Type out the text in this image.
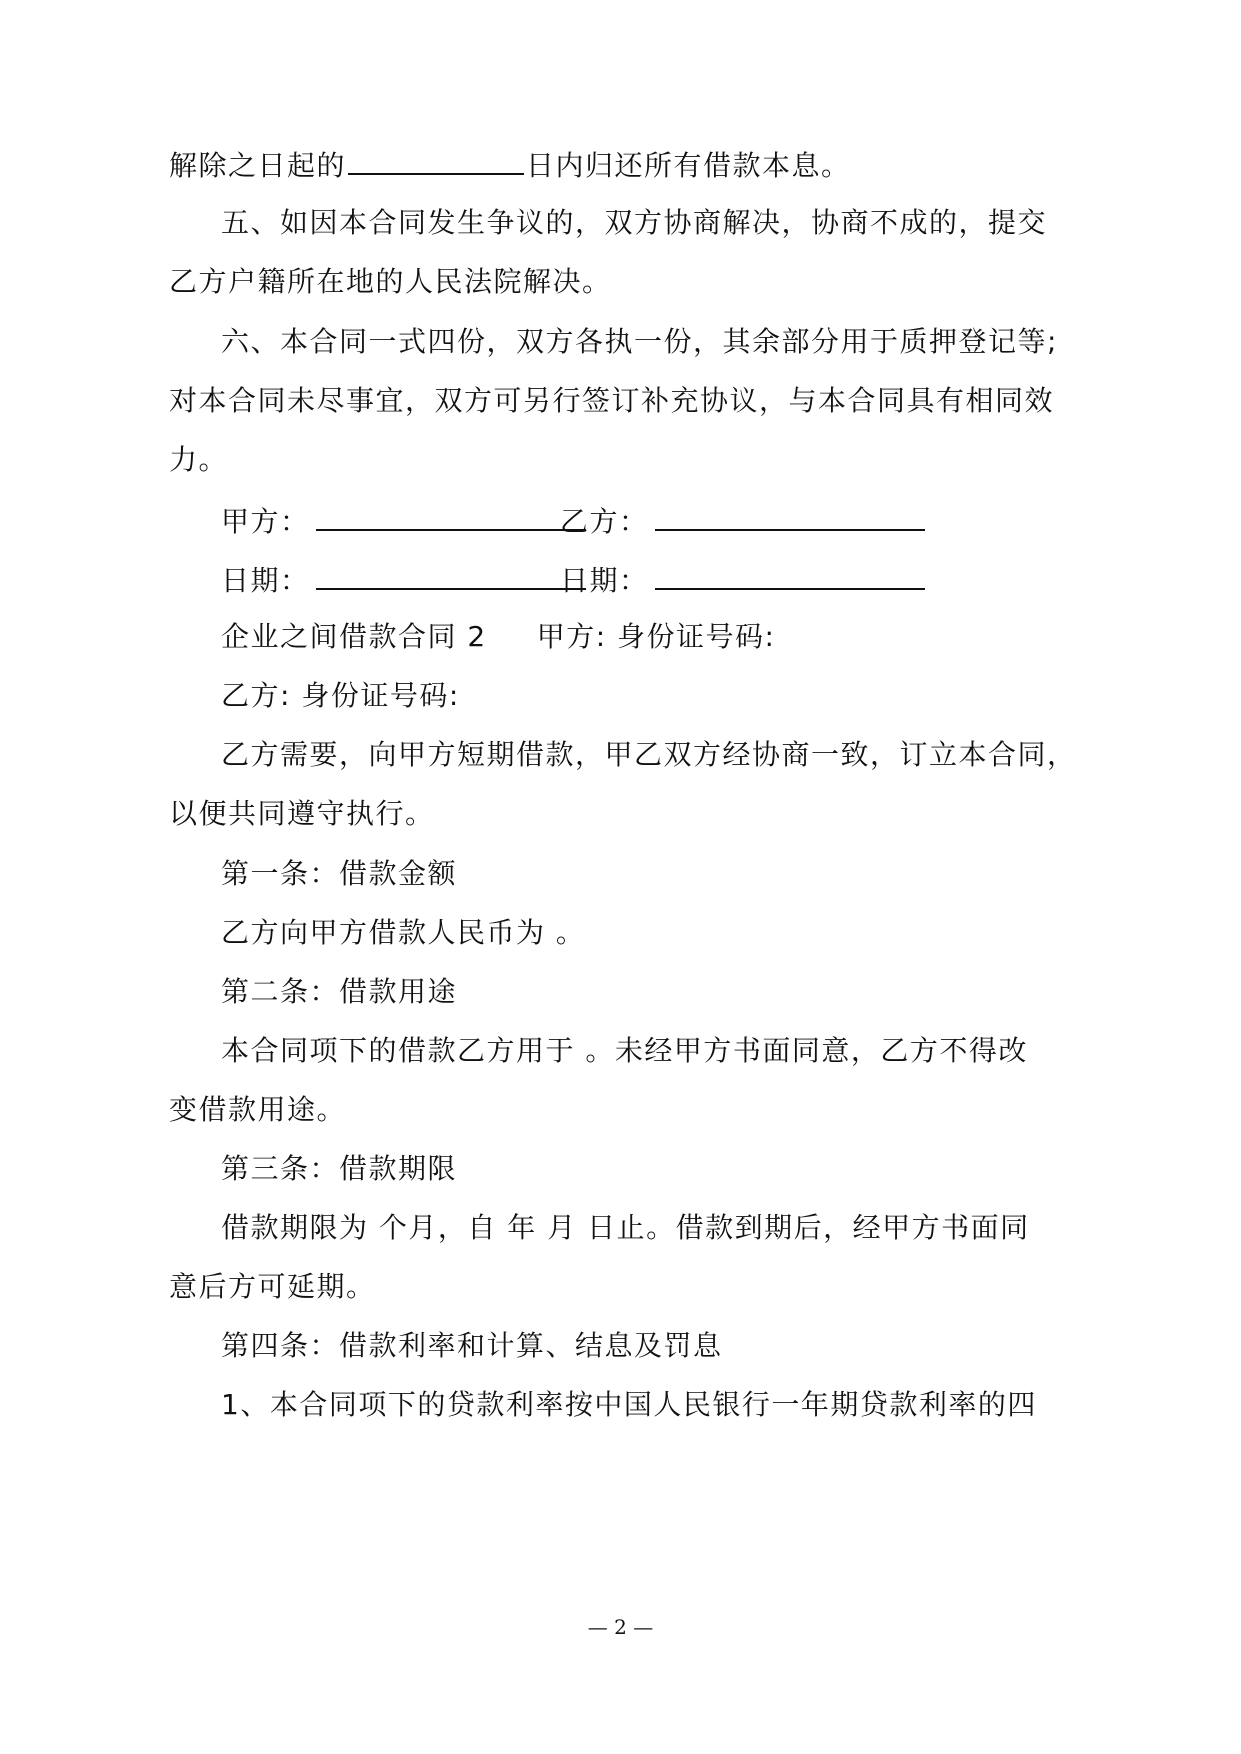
解除之日起的	日内归还所有借款本息。
五、如因本合同发生争议的，双方协商解决，协商不成的，提交
乙方户籍所在地的人民法院解决。
六、本合同一式四份，双方各执一份，其余部分用于质押登记等;
对本合同未尽事宜，双方可另行签订补充协议，与本合同具有相同效
力。
甲方：	乙方：
日期：	日期：
企业之间借款合同 2 甲方: 身份证号码:
乙方: 身份证号码:
乙方需要，向甲方短期借款，甲乙双方经协商一致，订立本合同，
以便共同遵守执行。
第一条：借款金额
乙方向甲方借款人民币为 。
第二条：借款用途
本合同项下的借款乙方用于 。未经甲方书面同意，乙方不得改
变借款用途。
第三条：借款期限
借款期限为 个月，自 年 月 日止。借款到期后，经甲方书面同
意后方可延期。
第四条：借款利率和计算、结息及罚息
1、本合同项下的贷款利率按中国人民银行一年期贷款利率的四
— 2 —
